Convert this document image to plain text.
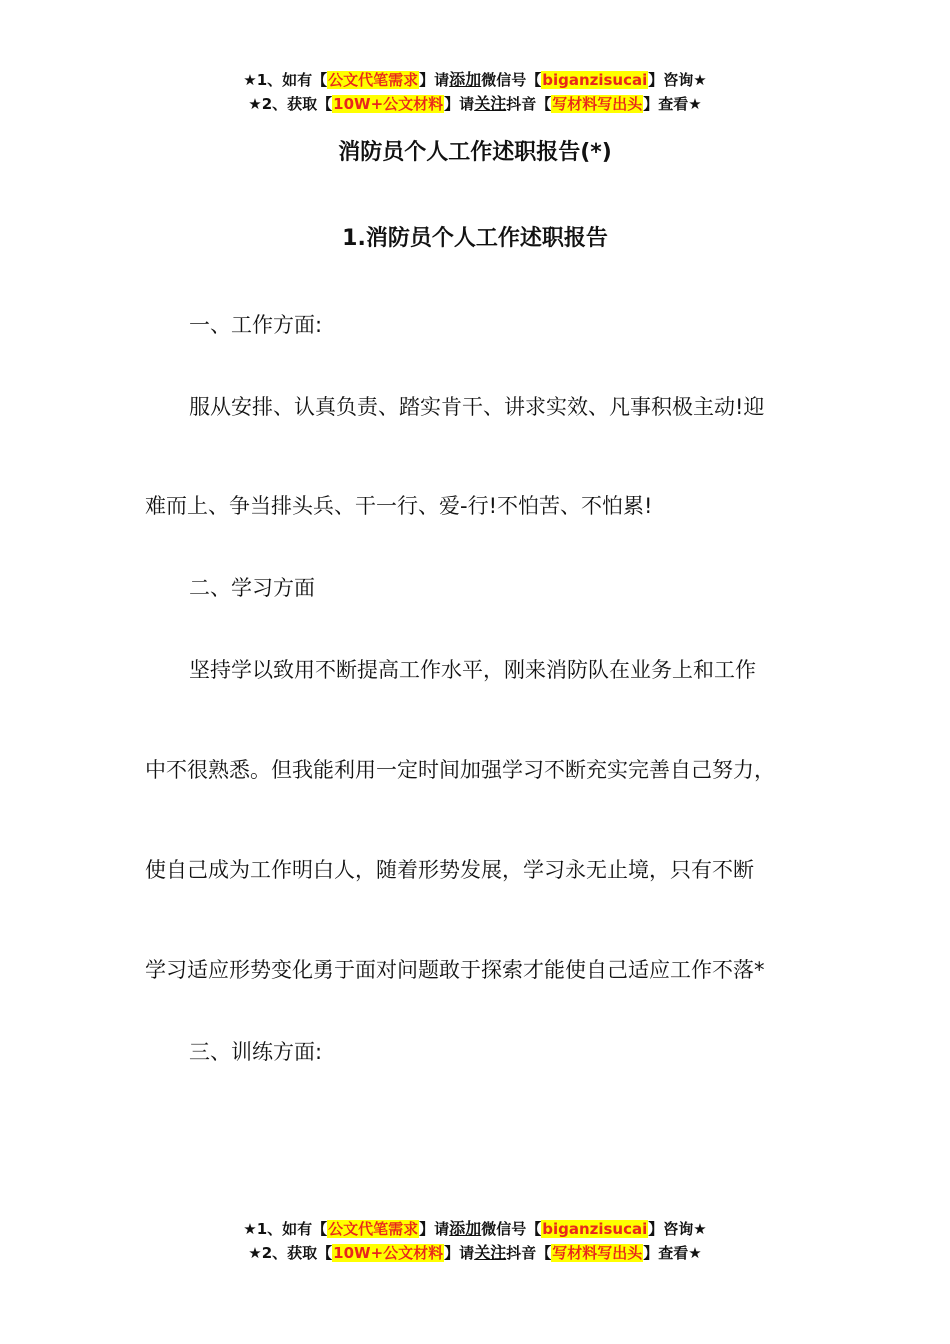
★1、如有【公文代笔需求】请添加微信号【biganzisucai】咨询★
★2、获取【10W+公文材料】请关注抖音【写材料写出头】查看★
消防员个人工作述职报告(*)
1.消防员个人工作述职报告
一、工作方面:
服从安排、认真负责、踏实肯干、讲求实效、凡事积极主动!迎
难而上、争当排头兵、干一行、爱-行!不怕苦、不怕累!
二、学习方面
坚持学以致用不断提高工作水平，刚来消防队在业务上和工作
中不很熟悉。但我能利用一定时间加强学习不断充实完善自己努力，
使自己成为工作明白人，随着形势发展，学习永无止境，只有不断
学习适应形势变化勇于面对问题敢于探索才能使自己适应工作不落*
三、训练方面:
★1、如有【公文代笔需求】请添加微信号【biganzisucai】咨询★
★2、获取【10W+公文材料】请关注抖音【写材料写出头】查看★
